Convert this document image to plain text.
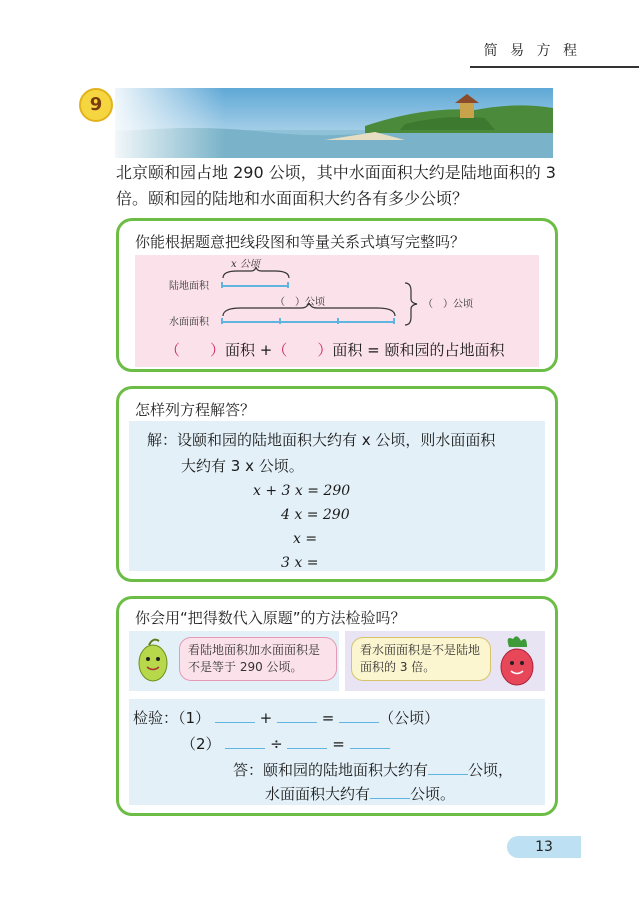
简 易 方 程
9
北京颐和园占地 290 公顷，其中水面面积大约是陆地面积的 3
倍。颐和园的陆地和水面面积大约各有多少公顷？
你能根据题意把线段图和等量关系式填写完整吗？
x 公顷
陆地面积
（　）公顷
水面面积
（　）公顷
（　　）面积 +（　　）面积 = 颐和园的占地面积
怎样列方程解答？
解：设颐和园的陆地面积大约有 x 公顷，则水面面积
大约有 3 x 公顷。
x + 3 x = 290
4 x = 290
x =
3 x =
你会用“把得数代入原题”的方法检验吗？
看陆地面积加水面面积是不是等于 290 公顷。
看水面面积是不是陆地面积的 3 倍。
检验：（1）	+	=	（公顷）
（2）	÷	=
答：颐和园的陆地面积大约有	公顷，
水面面积大约有	公顷。
13
